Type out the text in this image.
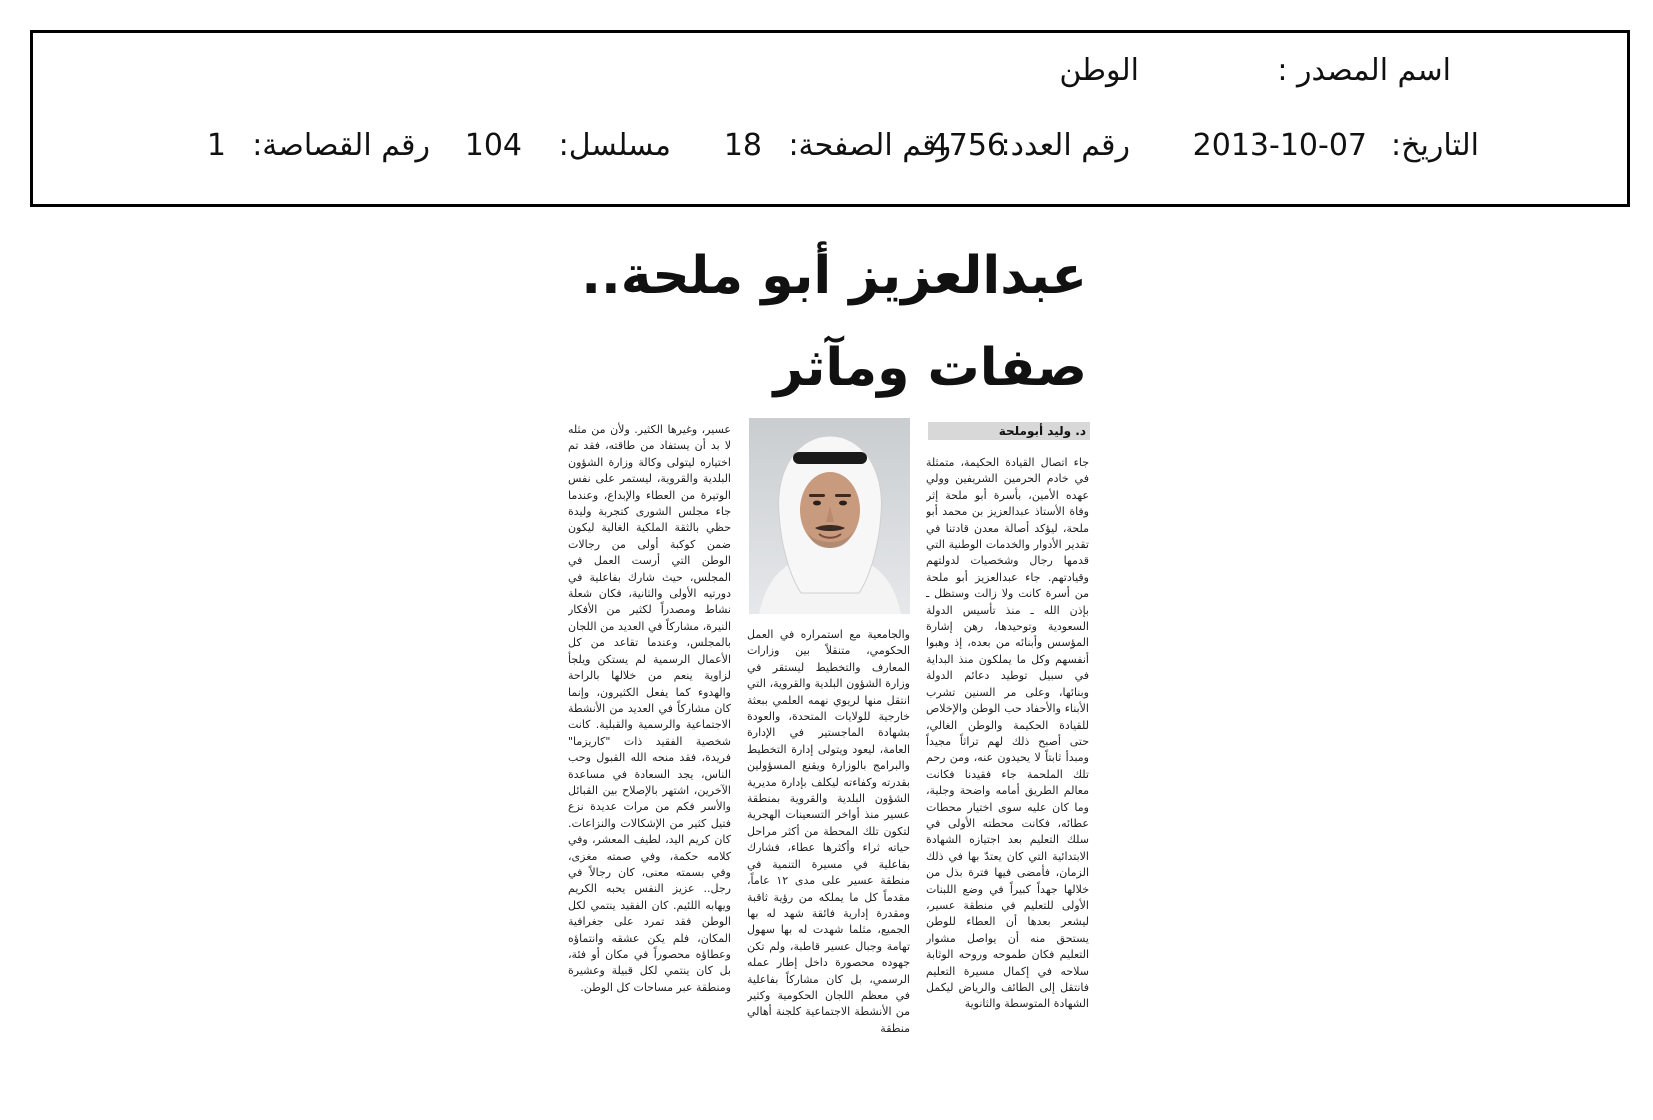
اسم المصدر :
الوطن
التاريخ:
2013-10-07
رقم العدد:
4756
رقم الصفحة:
18
مسلسل:
104
رقم القصاصة:
1
عبدالعزيز أبو ملحة..
صفات ومآثر
د. وليد أبوملحة
جاء اتصال القيادة الحكيمة، متمثلة في خادم الحرمين الشريفين وولي عهده الأمين، بأسرة أبو ملحة إثر وفاة الأستاذ عبدالعزيز بن محمد أبو ملحة، ليؤكد أصالة معدن قادتنا في تقدير الأدوار والخدمات الوطنية التي قدمها رجال وشخصيات لدولتهم وقيادتهم. جاء عبدالعزيز أبو ملحة من أسرة كانت ولا زالت وستظل ـ بإذن الله ـ منذ تأسيس الدولة السعودية وتوحيدها، رهن إشارة المؤسس وأبنائه من بعده، إذ وهبوا أنفسهم وكل ما يملكون منذ البداية في سبيل توطيد دعائم الدولة وبنائها، وعلى مر السنين تشرب الأبناء والأحفاد حب الوطن والإخلاص للقيادة الحكيمة والوطن الغالي، حتى أصبح ذلك لهم تراثاً مجيداً ومبدأ ثابتاً لا يحيدون عنه، ومن رحم تلك الملحمة جاء فقيدنا فكانت معالم الطريق أمامه واضحة وجلية، وما كان عليه سوى اختيار محطات عطائه، فكانت محطته الأولى في سلك التعليم بعد اجتيازه الشهادة الابتدائية التي كان يعتدّ بها في ذلك الزمان، فأمضى فيها فترة بذل من خلالها جهداً كبيراً في وضع اللبنات الأولى للتعليم في منطقة عسير، ليشعر بعدها أن العطاء للوطن يستحق منه أن يواصل مشوار التعليم فكان طموحه وروحه الوثابة سلاحه في إكمال مسيرة التعليم فانتقل إلى الطائف والرياض ليكمل الشهادة المتوسطة والثانوية
والجامعية مع استمراره في العمل الحكومي، متنقلاً بين وزارات المعارف والتخطيط ليستقر في وزارة الشؤون البلدية والقروية، التي انتقل منها لريوي نهمه العلمي ببعثة خارجية للولايات المتحدة، والعودة بشهادة الماجستير في الإدارة العامة، ليعود ويتولى إدارة التخطيط والبرامج بالوزارة ويقنع المسؤولين بقدرته وكفاءته ليكلف بإدارة مديرية الشؤون البلدية والقروية بمنطقة عسير منذ أواخر التسعينات الهجرية لتكون تلك المحطة من أكثر مراحل حياته ثراء وأكثرها عطاء، فشارك بفاعلية في مسيرة التنمية في منطقة عسير على مدى ١٢ عاماً، مقدماً كل ما يملكه من رؤية ثاقبة ومقدرة إدارية فائقة شهد له بها الجميع، مثلما شهدت له بها سهول تهامة وجبال عسير قاطبة، ولم تكن جهوده محصورة داخل إطار عمله الرسمي، بل كان مشاركاً بفاعلية في معظم اللجان الحكومية وكثير من الأنشطة الاجتماعية كلجنة أهالي منطقة
عسير، وغيرها الكثير. ولأن من مثله لا بد أن يستفاد من طاقته، فقد تم اختياره ليتولى وكالة وزارة الشؤون البلدية والقروية، ليستمر على نفس الوتيرة من العطاء والإبداع، وعندما جاء مجلس الشورى كتجربة وليدة حظي بالثقة الملكية الغالية ليكون ضمن كوكبة أولى من رجالات الوطن التي أرست العمل في المجلس، حيث شارك بفاعلية في دورتيه الأولى والثانية، فكان شعلة نشاط ومصدراً لكثير من الأفكار النيرة، مشاركاً في العديد من اللجان بالمجلس، وعندما تقاعد من كل الأعمال الرسمية لم يستكن ويلجأ لزاوية ينعم من خلالها بالراحة والهدوء كما يفعل الكثيرون، وإنما كان مشاركاً في العديد من الأنشطة الاجتماعية والرسمية والقبلية. كانت شخصية الفقيد ذات "كاريزما" فريدة، فقد منحه الله القبول وحب الناس، يجد السعادة في مساعدة الآخرين، اشتهر بالإصلاح بين القبائل والأسر فكم من مرات عديدة نزع فتيل كثير من الإشكالات والنزاعات. كان كريم اليد، لطيف المعشر، وفي كلامه حكمة، وفي صمته مغزى، وفي بسمته معنى، كان رجالاً في رجل.. عزيز النفس يحبه الكريم ويهابه اللئيم. كان الفقيد ينتمي لكل الوطن فقد تمرد على جغرافية المكان، فلم يكن عشقه وانتماؤه وعطاؤه محصوراً في مكان أو فئة، بل كان ينتمي لكل قبيلة وعشيرة ومنطقة عبر مساحات كل الوطن.
